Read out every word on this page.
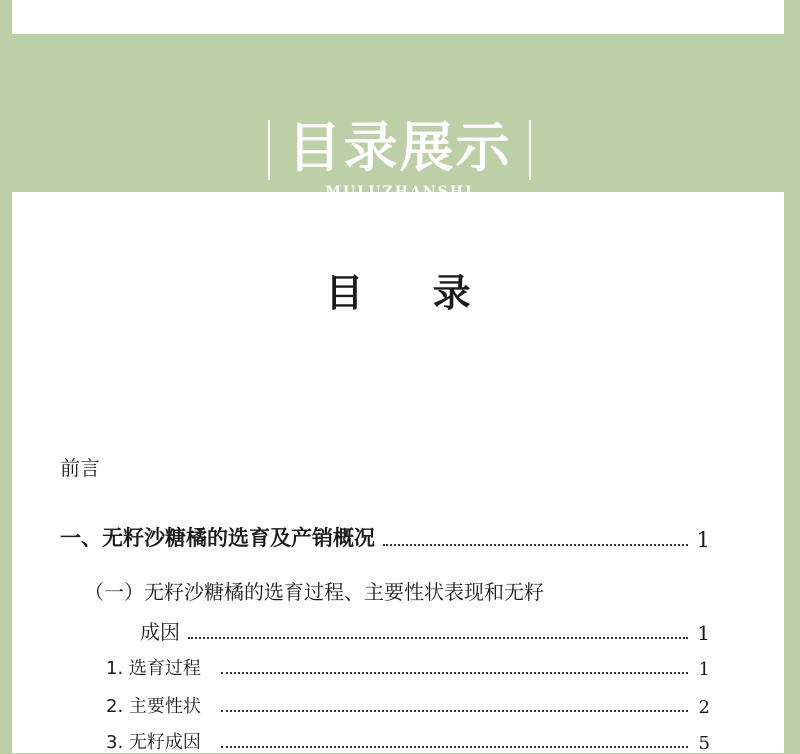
目录展示
目 录
前言
一、无籽沙糖橘的选育及产销概况	1
（一）无籽沙糖橘的选育过程、主要性状表现和无籽
成因	1
1. 选育过程	1
2. 主要性状	2
3. 无籽成因	5
